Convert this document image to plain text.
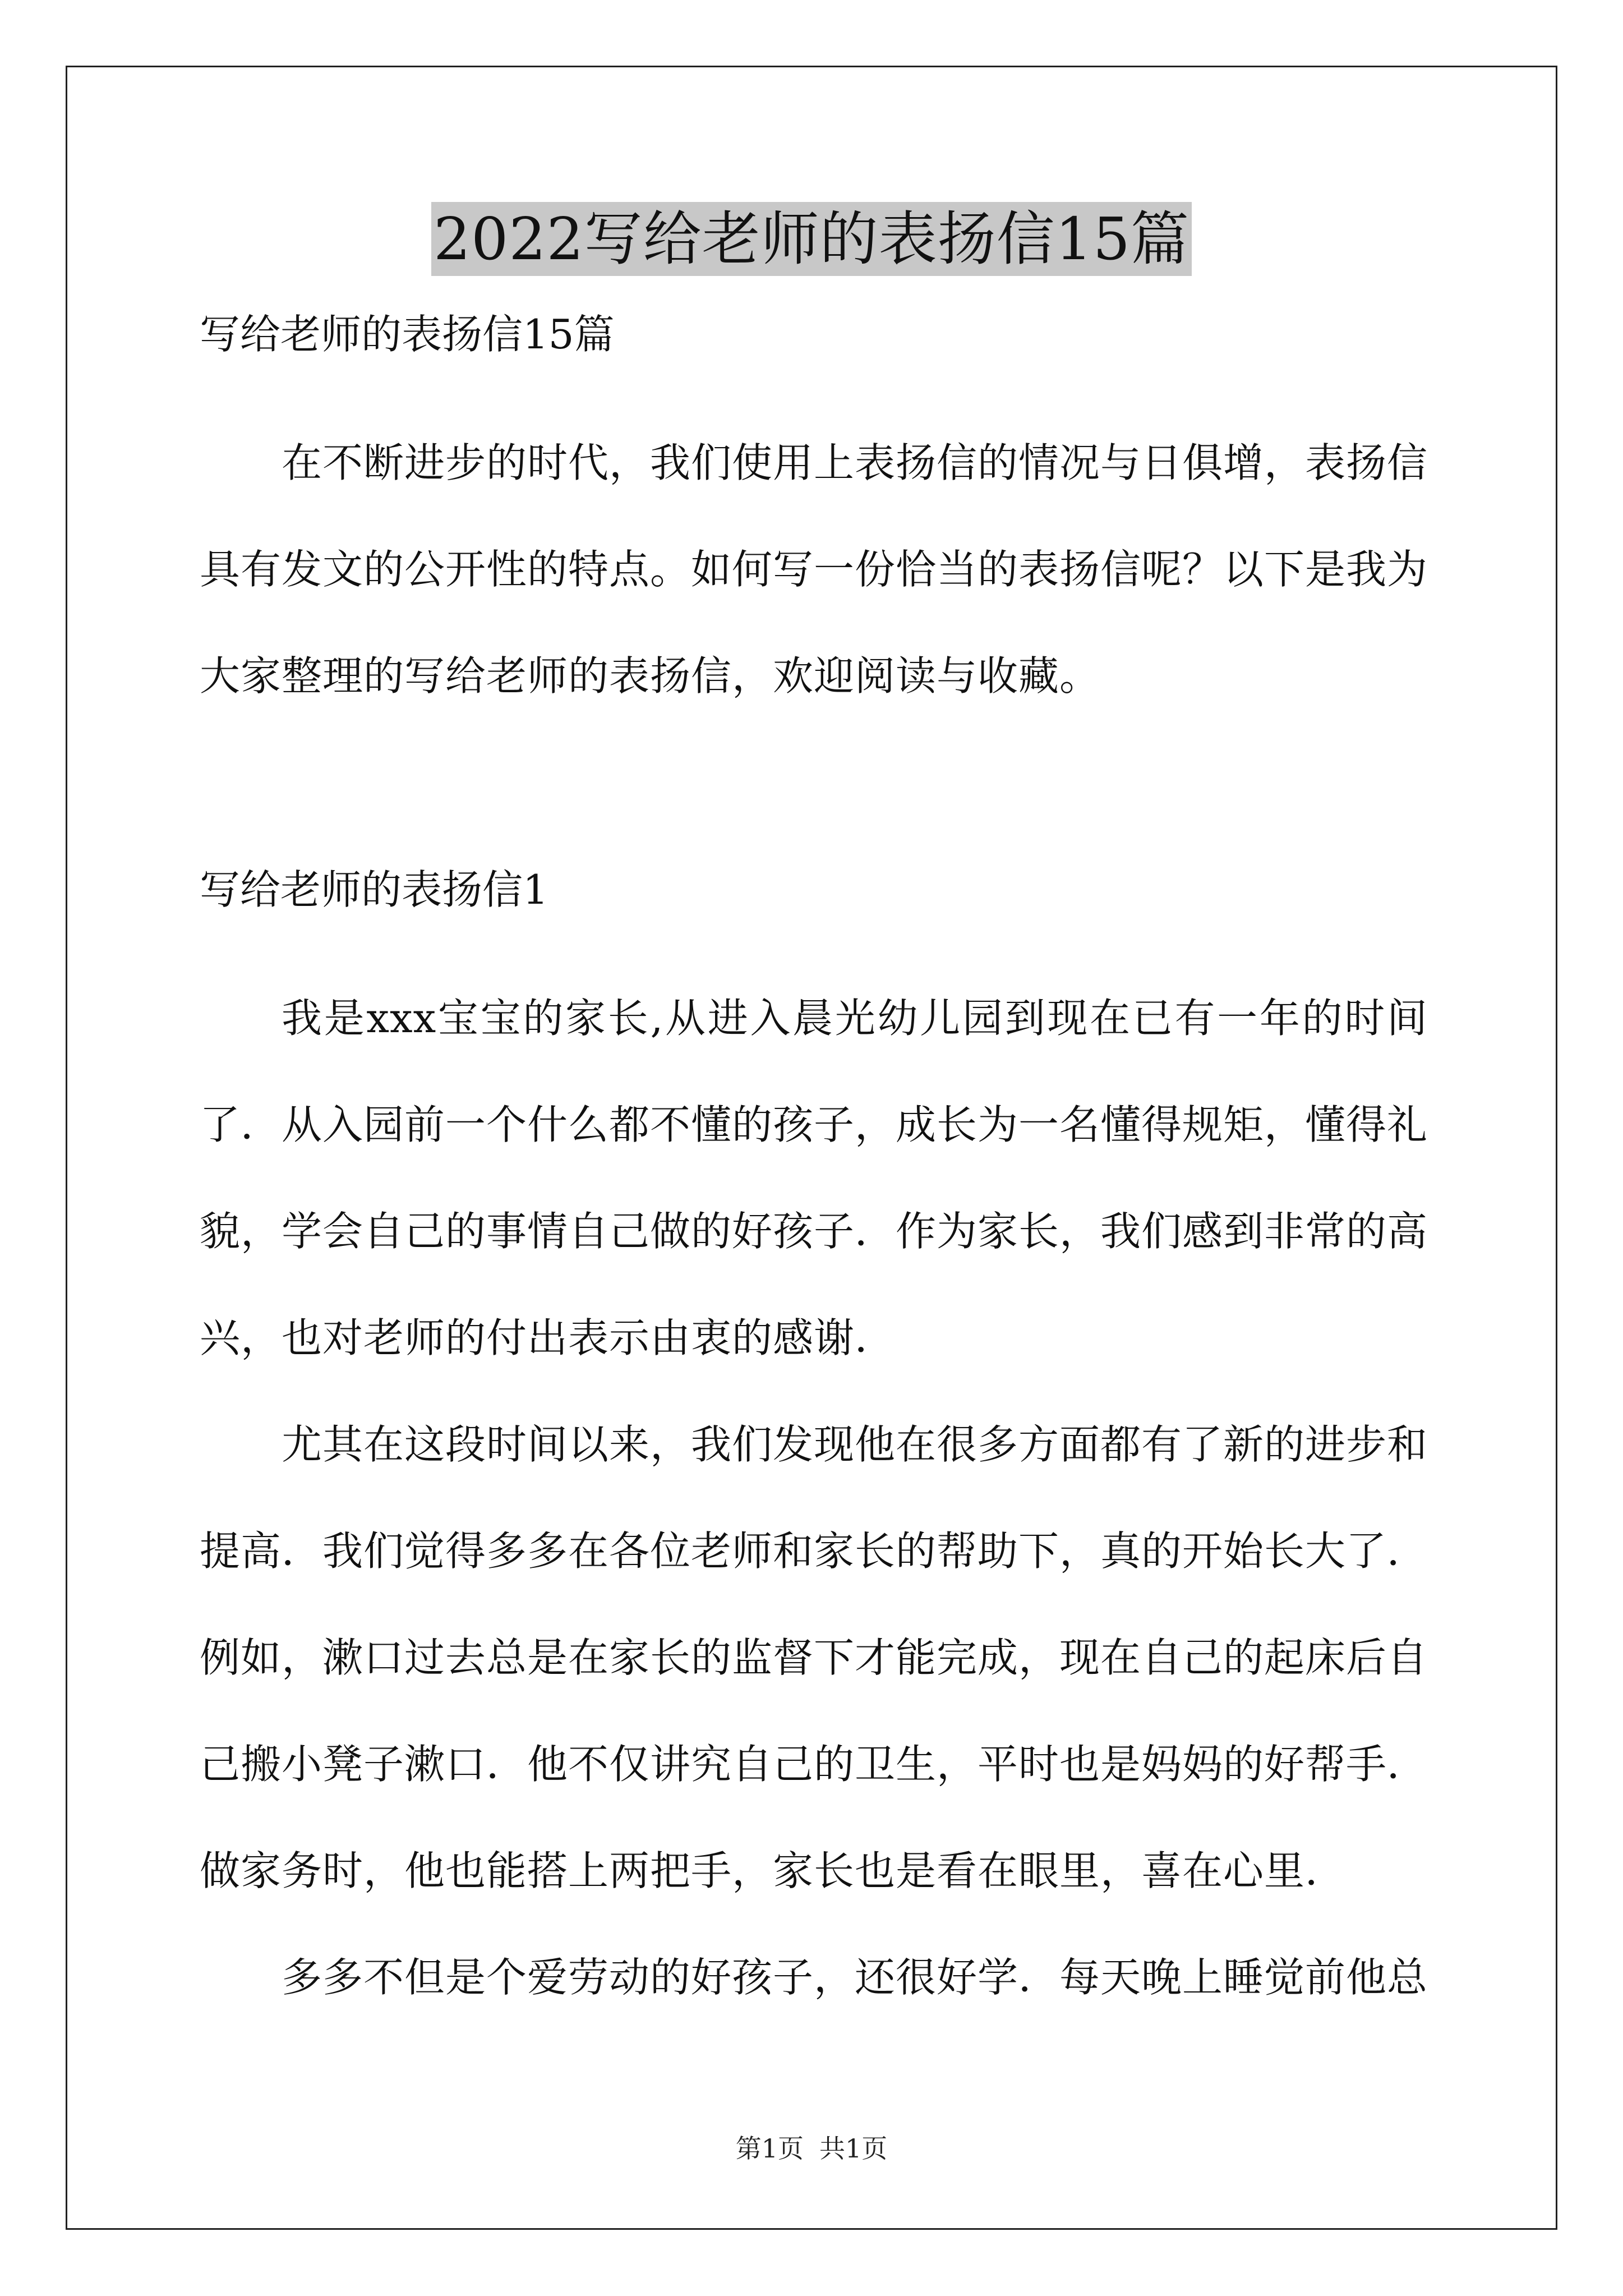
2022写给老师的表扬信15篇

写给老师的表扬信15篇

在不断进步的时代，我们使用上表扬信的情况与日俱增，表扬信具有发文的公开性的特点。如何写一份恰当的表扬信呢？以下是我为大家整理的写给老师的表扬信，欢迎阅读与收藏。

写给老师的表扬信1

我是xxx宝宝的家长,从进入晨光幼儿园到现在已有一年的时间了．从入园前一个什么都不懂的孩子，成长为一名懂得规矩，懂得礼貌，学会自己的事情自己做的好孩子．作为家长，我们感到非常的高兴，也对老师的付出表示由衷的感谢．

尤其在这段时间以来，我们发现他在很多方面都有了新的进步和提高．我们觉得多多在各位老师和家长的帮助下，真的开始长大了．例如，漱口过去总是在家长的监督下才能完成，现在自己的起床后自己搬小凳子漱口．他不仅讲究自己的卫生，平时也是妈妈的好帮手．做家务时，他也能搭上两把手，家长也是看在眼里，喜在心里．

多多不但是个爱劳动的好孩子，还很好学．每天晚上睡觉前他总

第1页 共1页
